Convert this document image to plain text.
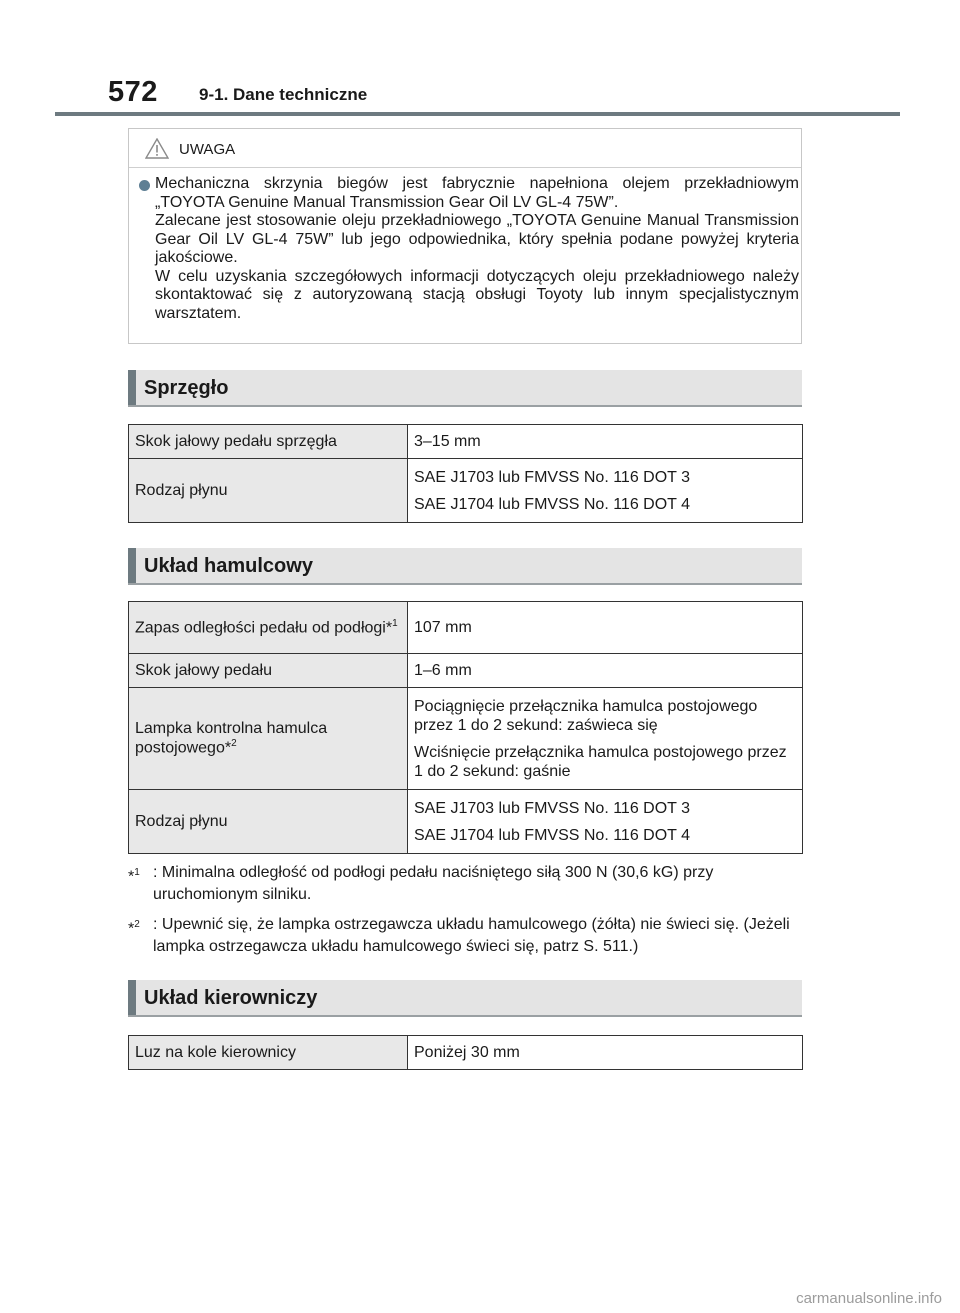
572 9-1. Dane techniczne
UWAGA

Mechaniczna skrzynia biegów jest fabrycznie napełniona olejem przekładniowym „TOYOTA Genuine Manual Transmission Gear Oil LV GL-4 75W”.

Zalecane jest stosowanie oleju przekładniowego „TOYOTA Genuine Manual Transmission Gear Oil LV GL-4 75W” lub jego odpowiednika, który spełnia podane powyżej kryteria jakościowe.

W celu uzyskania szczegółowych informacji dotyczących oleju przekładniowego należy skontaktować się z autoryzowaną stacją obsługi Toyoty lub innym specjalistycznym warsztatem.

Sprzęgło
Skok jałowy pedału sprzęgła	3–15 mm

Rodzaj płynu	SAE J1703 lub FMVSS No. 116 DOT 3

SAE J1704 lub FMVSS No. 116 DOT 4

Układ hamulcowy
Zapas odległości pedału od podłogi*$^1$	107 mm

Skok jałowy pedału	1–6 mm

Lampka kontrolna hamulca postojowego*$^2$	Pociągnięcie przełącznika hamulca postojowego przez 1 do 2 sekund: zaświeca się

Wciśnięcie przełącznika hamulca postojowego przez 1 do 2 sekund: gaśnie

Rodzaj płynu	SAE J1703 lub FMVSS No. 116 DOT 3

SAE J1704 lub FMVSS No. 116 DOT 4

*$^1$ : Minimalna odległość od podłogi pedału naciśniętego siłą 300 N (30,6 kG) przy uruchomionym silniku.
*$^2$ : Upewnić się, że lampka ostrzegawcza układu hamulcowego (żółta) nie świeci się. (Jeżeli lampka ostrzegawcza układu hamulcowego świeci się, patrz S. 511.)
Układ kierowniczy
Luz na kole kierownicy	Poniżej 30 mm

carmanualsonline.info
